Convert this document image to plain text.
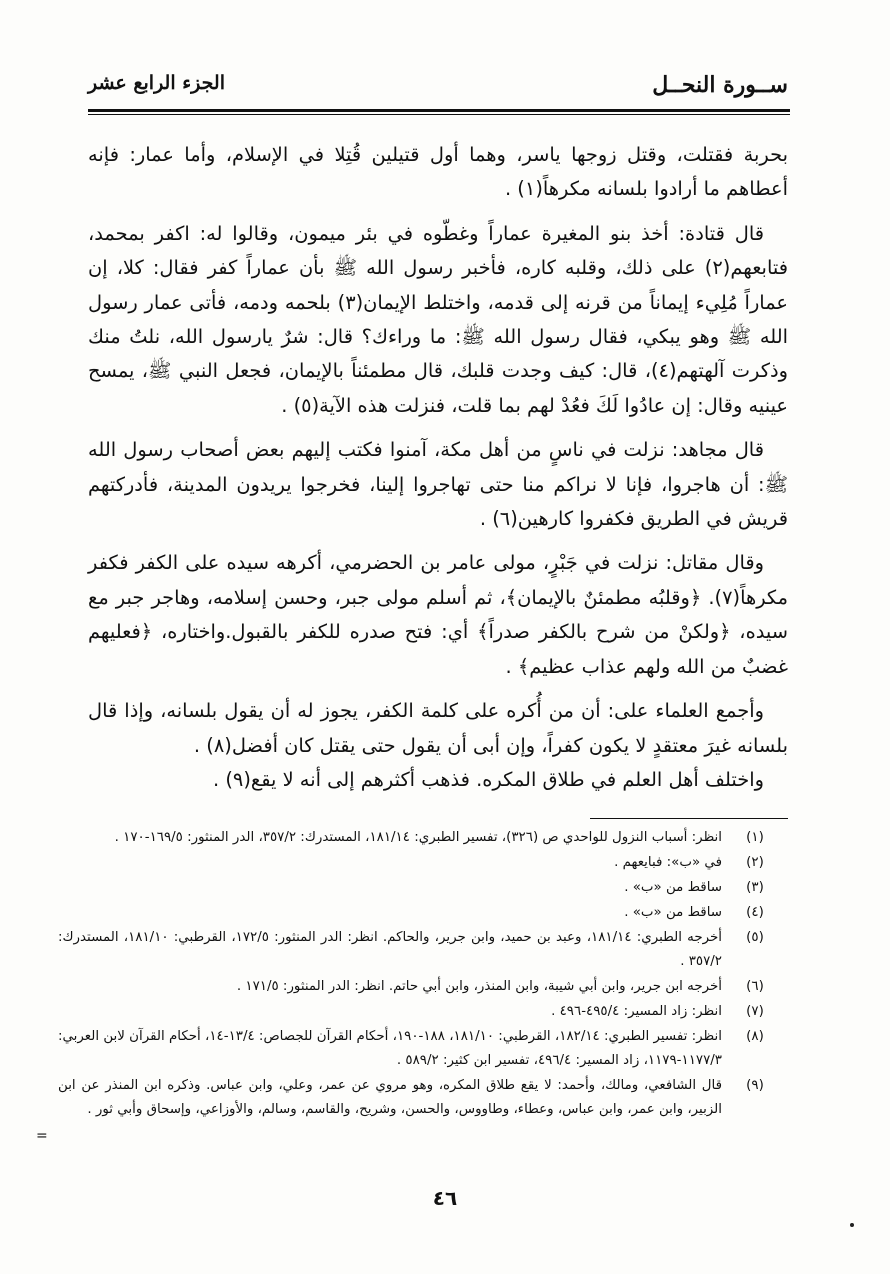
ســورة النحــل
الجزء الرابع عشر

بحربة فقتلت، وقتل زوجها ياسر، وهما أول قتيلين قُتِلا في الإسلام، وأما عمار: فإنه أعطاهم ما أرادوا بلسانه مكرهاً(١) .

قال قتادة: أخذ بنو المغيرة عماراً وغطّوه في بئر ميمون، وقالوا له: اكفر بمحمد، فتابعهم(٢) على ذلك، وقلبه كاره، فأخبر رسول الله ﷺ بأن عماراً كفر فقال: كلا، إن عماراً مُلِيء إيماناً من قرنه إلى قدمه، واختلط الإيمان(٣) بلحمه ودمه، فأتى عمار رسول الله ﷺ وهو يبكي، فقال رسول الله ﷺ: ما وراءك؟ قال: شرٌ يارسول الله، نلتُ منك وذكرت آلهتهم(٤)، قال: كيف وجدت قلبك، قال مطمئناً بالإيمان، فجعل النبي ﷺ، يمسح عينيه وقال: إن عادُوا لَكَ فعُدْ لهم بما قلت، فنزلت هذه الآية(٥) .

قال مجاهد: نزلت في ناسٍ من أهل مكة، آمنوا فكتب إليهم بعض أصحاب رسول الله ﷺ: أن هاجروا، فإنا لا نراكم منا حتى تهاجروا إلينا، فخرجوا يريدون المدينة، فأدركتهم قريش في الطريق فكفروا كارهين(٦) .

وقال مقاتل: نزلت في جَبْرٍ، مولى عامر بن الحضرمي، أكرهه سيده على الكفر فكفر مكرهاً(٧). ﴿وقلبُه مطمئنٌ بالإيمان﴾، ثم أسلم مولى جبر، وحسن إسلامه، وهاجر جبر مع سيده، ﴿ولكنْ من شرح بالكفر صدراً﴾ أي: فتح صدره للكفر بالقبول.واختاره، ﴿فعليهم غضبٌ من الله ولهم عذاب عظيم﴾ .

وأجمع العلماء على: أن من أُكره على كلمة الكفر، يجوز له أن يقول بلسانه، وإذا قال بلسانه غيرَ معتقدٍ لا يكون كفراً، وإن أبى أن يقول حتى يقتل كان أفضل(٨) .

واختلف أهل العلم في طلاق المكره. فذهب أكثرهم إلى أنه لا يقع(٩) .

(١)
انظر: أسباب النزول للواحدي ص (٣٢٦)، تفسير الطبري: ١٨١/١٤، المستدرك: ٣٥٧/٢، الدر المنثور: ١٦٩/٥-١٧٠ .
(٢)
في «ب»: فبايعهم .
(٣)
ساقط من «ب» .
(٤)
ساقط من «ب» .
(٥)
أخرجه الطبري: ١٨١/١٤، وعبد بن حميد، وابن جرير، والحاكم. انظر: الدر المنثور: ١٧٢/٥، القرطبي: ١٨١/١٠، المستدرك: ٣٥٧/٢ .
(٦)
أخرجه ابن جرير، وابن أبي شيبة، وابن المنذر، وابن أبي حاتم. انظر: الدر المنثور: ١٧١/٥ .
(٧)
انظر: زاد المسير: ٤٩٥/٤-٤٩٦ .
(٨)
انظر: تفسير الطبري: ١٨٢/١٤، القرطبي: ١٨١/١٠، ١٨٨-١٩٠، أحكام القرآن للجصاص: ١٣/٤-١٤، أحكام القرآن لابن العربي: ١١٧٧/٣-١١٧٩، زاد المسير: ٤٩٦/٤، تفسير ابن كثير: ٥٨٩/٢ .
(٩)
قال الشافعي، ومالك، وأحمد: لا يقع طلاق المكره، وهو مروي عن عمر، وعلي، وابن عباس. وذكره ابن المنذر عن ابن الزبير، وابن عمر، وابن عباس، وعطاء، وطاووس، والحسن، وشريح، والقاسم، وسالم، والأوزاعي، وإسحاق وأبي ثور .
=
٤٦
